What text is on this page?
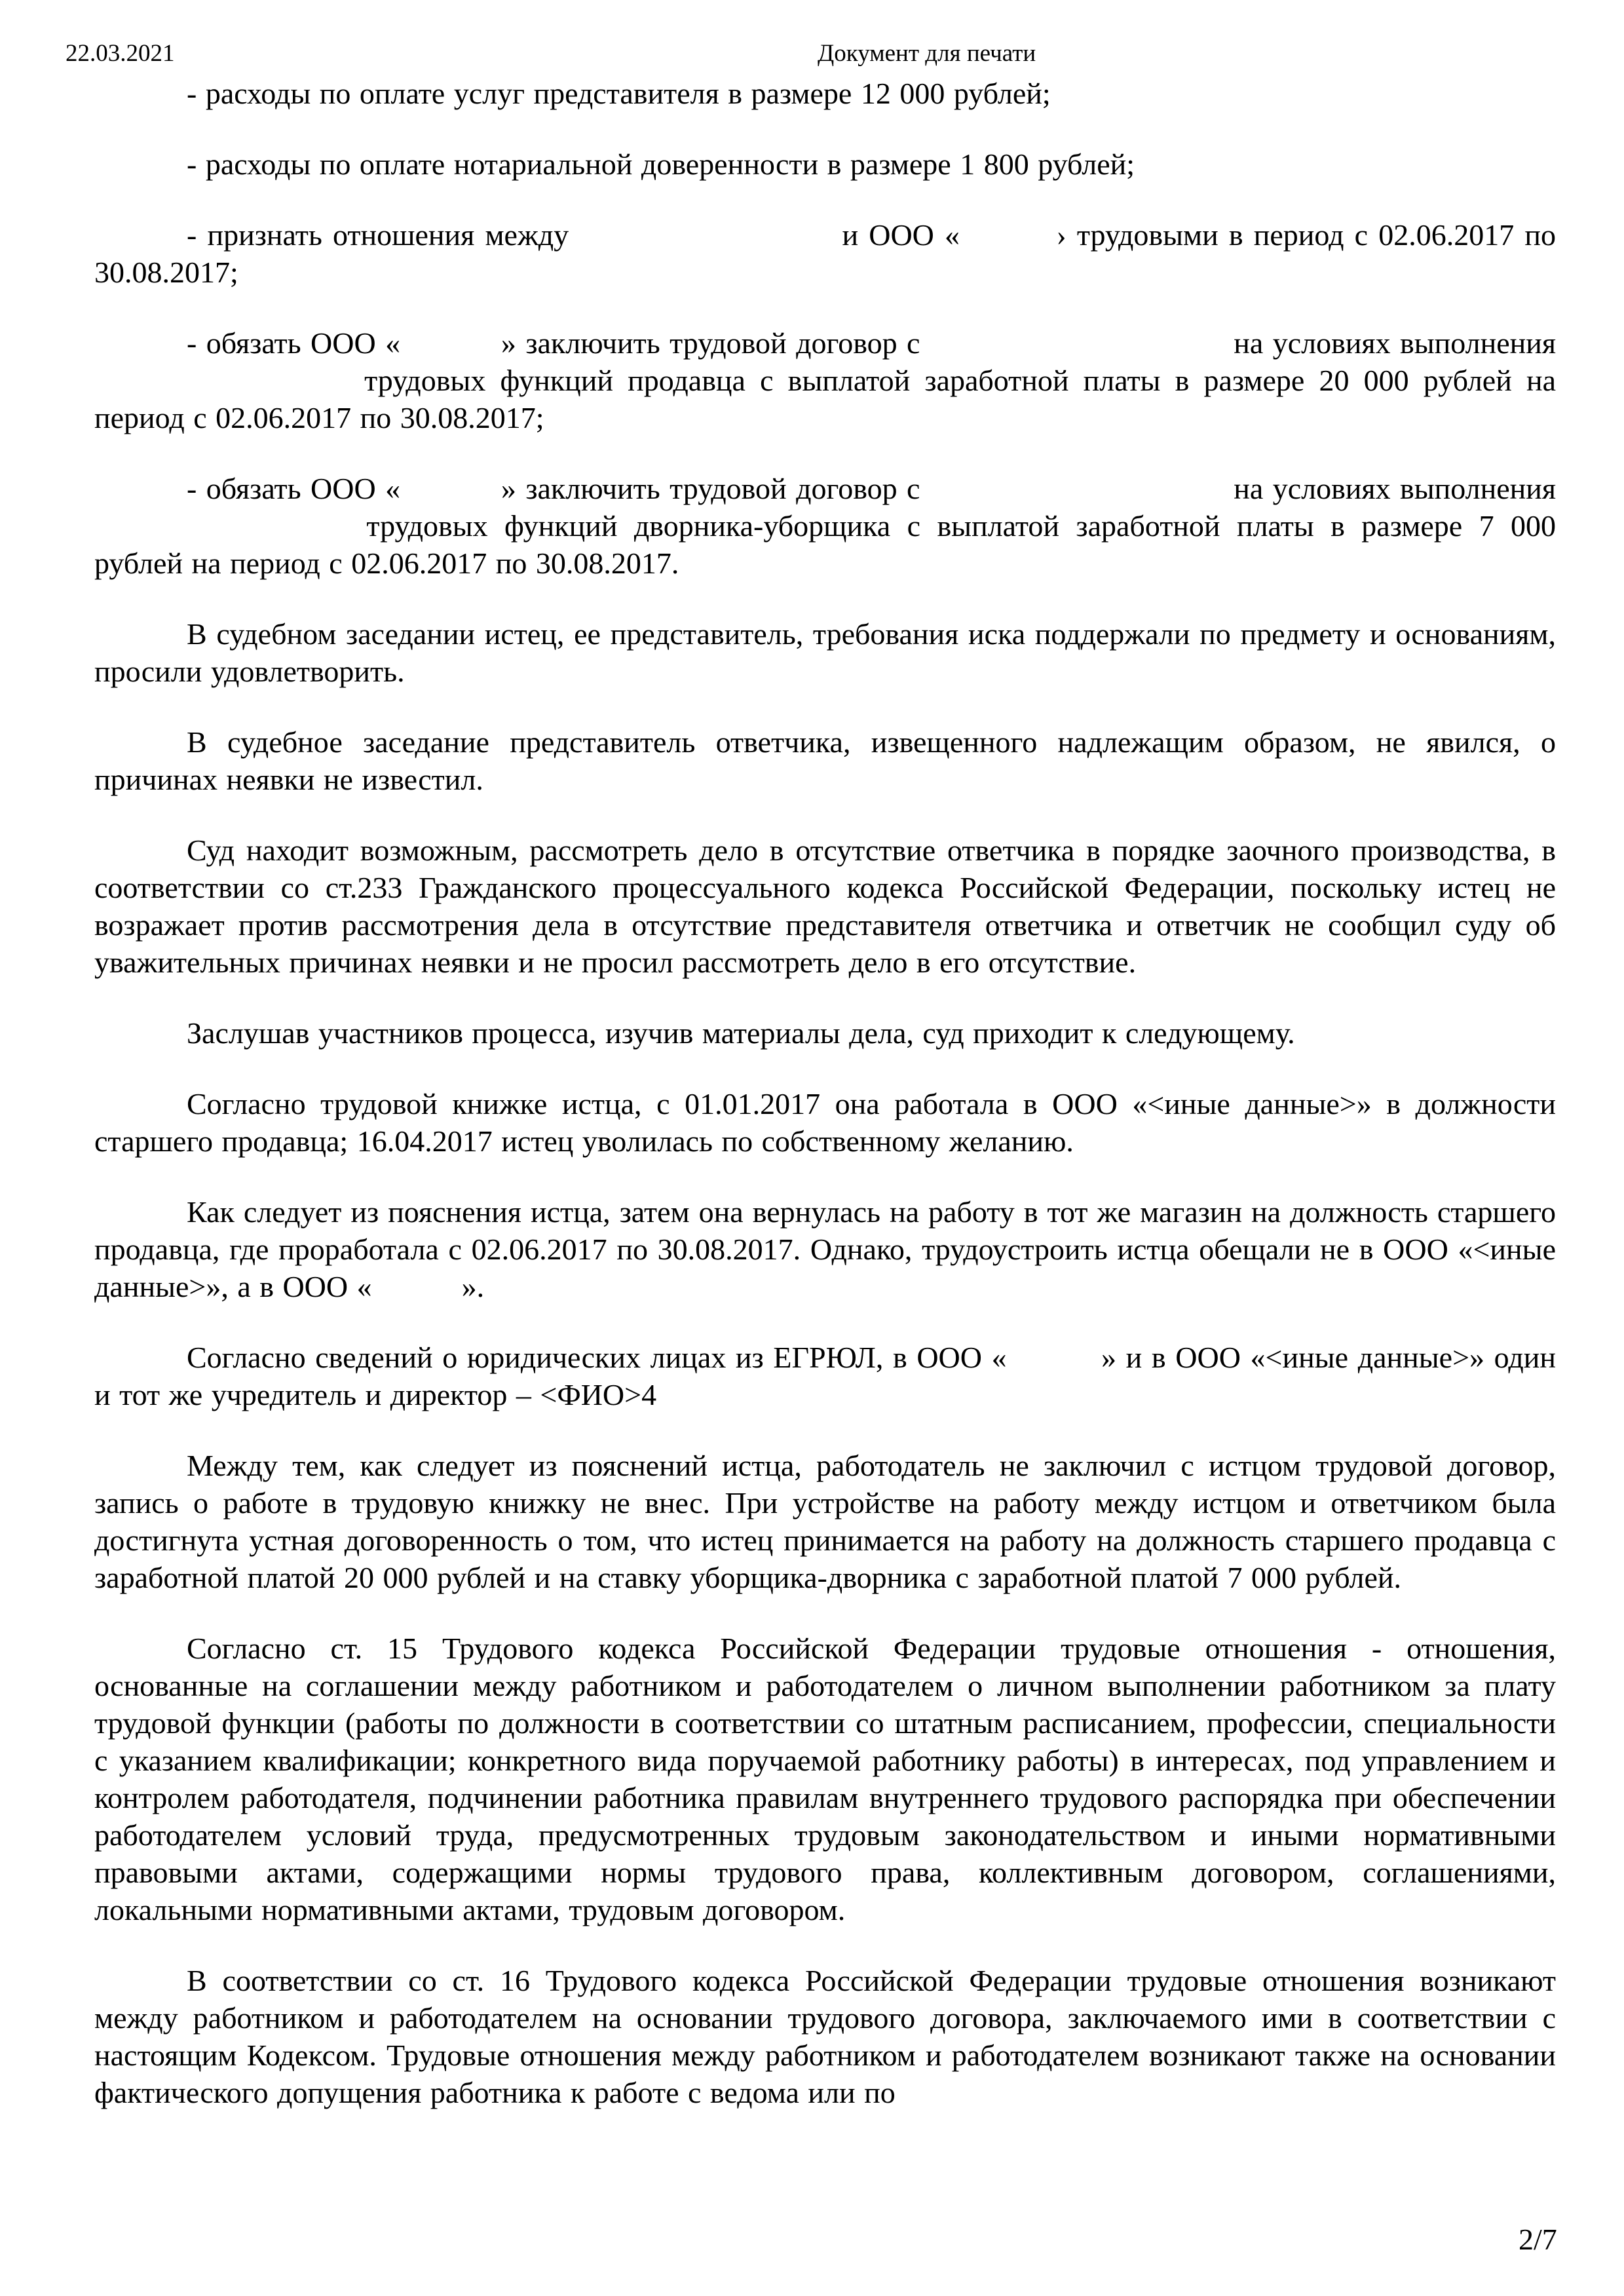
22.03.2021	Документ для печати

- расходы по оплате услуг представителя в размере 12 000 рублей;

- расходы по оплате нотариальной доверенности в размере 1 800 рублей;

- признать отношения между	и ООО «	› трудовыми в период с 02.06.2017 по 30.08.2017;

- обязать ООО «	» заключить трудовой договор с	на условиях выполнения  трудовых функций продавца с выплатой заработной платы в размере 20 000 рублей на период с 02.06.2017 по 30.08.2017;

- обязать ООО «	» заключить трудовой договор с	на условиях выполнения  трудовых функций дворника-уборщика с выплатой заработной платы в размере 7 000 рублей на период с 02.06.2017 по 30.08.2017.

В судебном заседании истец, ее представитель, требования иска поддержали по предмету и основаниям, просили удовлетворить.

В судебное заседание представитель ответчика, извещенного надлежащим образом, не явился, о причинах неявки не известил.

Суд находит возможным, рассмотреть дело в отсутствие ответчика в порядке заочного производства, в соответствии со ст.233 Гражданского процессуального кодекса Российской Федерации, поскольку истец не возражает против рассмотрения дела в отсутствие представителя ответчика и ответчик не сообщил суду об уважительных причинах неявки и не просил рассмотреть дело в его отсутствие.

Заслушав участников процесса, изучив материалы дела, суд приходит к следующему.

Согласно трудовой книжке истца, с 01.01.2017 она работала в ООО «<иные данные>» в должности старшего продавца; 16.04.2017 истец уволилась по собственному желанию.

Как следует из пояснения истца, затем она вернулась на работу в тот же магазин на должность старшего продавца, где проработала с 02.06.2017 по 30.08.2017. Однако, трудоустроить истца обещали не в ООО «<иные данные>», а в ООО «  ».

Согласно сведений о юридических лицах из ЕГРЮЛ, в ООО «	» и в ООО «<иные данные>» один и тот же учредитель и директор – <ФИО>4

Между тем, как следует из пояснений истца, работодатель не заключил с истцом трудовой договор, запись о работе в трудовую книжку не внес. При устройстве на работу между истцом и ответчиком была достигнута устная договоренность о том, что истец принимается на работу на должность старшего продавца с заработной платой 20 000 рублей и на ставку уборщика-дворника с заработной платой 7 000 рублей.

Согласно ст. 15 Трудового кодекса Российской Федерации трудовые отношения - отношения, основанные на соглашении между работником и работодателем о личном выполнении работником за плату трудовой функции (работы по должности в соответствии со штатным расписанием, профессии, специальности с указанием квалификации; конкретного вида поручаемой работнику работы) в интересах, под управлением и контролем работодателя, подчинении работника правилам внутреннего трудового распорядка при обеспечении работодателем условий труда, предусмотренных трудовым законодательством и иными нормативными правовыми актами, содержащими нормы трудового права, коллективным договором, соглашениями, локальными нормативными актами, трудовым договором.

В соответствии со ст. 16 Трудового кодекса Российской Федерации трудовые отношения возникают между работником и работодателем на основании трудового договора, заключаемого ими в соответствии с настоящим Кодексом. Трудовые отношения между работником и работодателем возникают также на основании фактического допущения работника к работе с ведома или по

2/7
